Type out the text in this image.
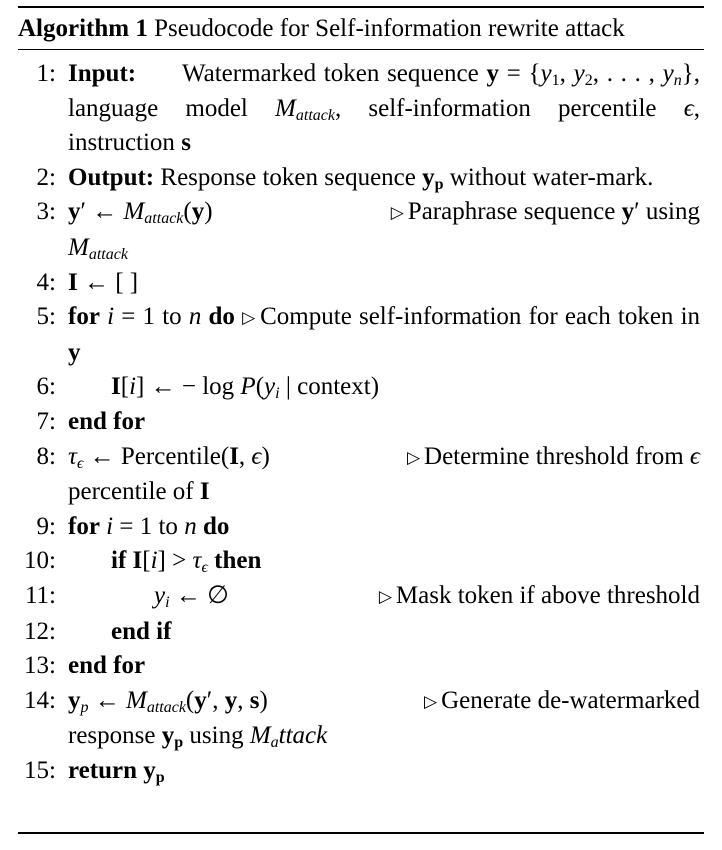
Algorithm 1 Pseudocode for Self-information rewrite attack
1: Input: Watermarked token sequence $y = \{y_1$, $y_2$, . . . , $y_n$}, language model $M_{attack}$, self-information percentile ϵ, instruction s
2: Output: Response token sequence $y_p$ without water-mark.
3: y′ ← $M_{attack}(y)$	▷ Paraphrase sequence y′ using
$M_{attack}$
4: I ← [ ]
5: for i = 1 to n do ▷ Compute self-information for each token in y
6: I[i] ← − $\log P(y_i$ | context)
7: end for
8: $\tau_\epsilon$ ← Percentile(I, ϵ)	▷ Determine threshold from ϵ
percentile of I
9: for i = 1 to n do
10: if $I[i] > \tau_\epsilon$ then
11:	$y_i$ ← ∅	▷ Mask token if above threshold
12: end if
13: end for
14: $y_p$ ← $M_{attack}(y'$, y, s)	▷ Generate de-watermarked
response $y_p$ using $M_attack$
15: return $y_p$
